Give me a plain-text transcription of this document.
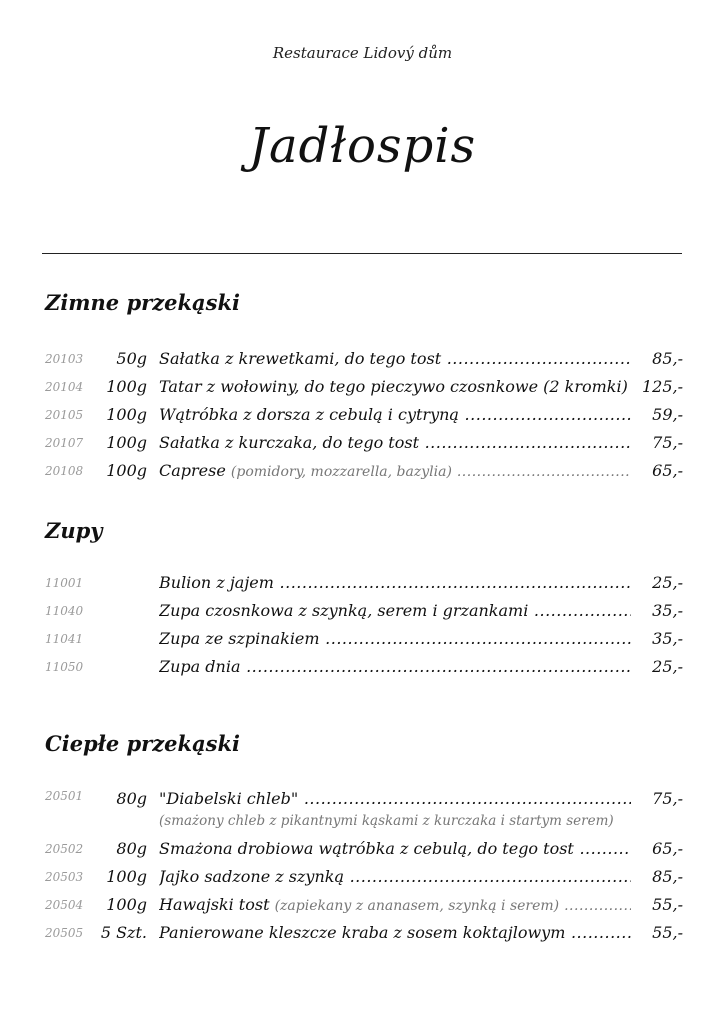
Restaurace Lidový dům
Jadłospis
Zimne przekąski
20103	50g Sałatka z krewetkami, do tego tost .....	85,-
20104	100g Tatar z wołowiny, do tego pieczywo czosnkowe (2 kromki) ..... 125,-
20105	100g Wątróbka z dorsza z cebulą i cytryną .....	59,-
20107	100g Sałatka z kurczaka, do tego tost .....	75,-
20108	100g Caprese (pomidory, mozzarella, bazylia) .....	65,-
Zupy
11001	Bulion z jajem .....	25,-
11040	Zupa czosnkowa z szynką, serem i grzankami .....	35,-
11041	Zupa ze szpinakiem .....	35,-
11050	Zupa dnia .....	25,-
Ciepłe przekąski
20501	80g "Diabelski chleb" .....	75,-
(smażony chleb z pikantnymi kąskami z kurczaka i startym serem)
20502	80g Smażona drobiowa wątróbka z cebulą, do tego tost .....	65,-
20503	100g Jajko sadzone z szynką .....	85,-
20504	100g Hawajski tost (zapiekany z ananasem, szynką i serem) .....	55,-
20505	5 Szt. Panierowane kleszcze kraba z sosem koktajlowym .....	55,-
